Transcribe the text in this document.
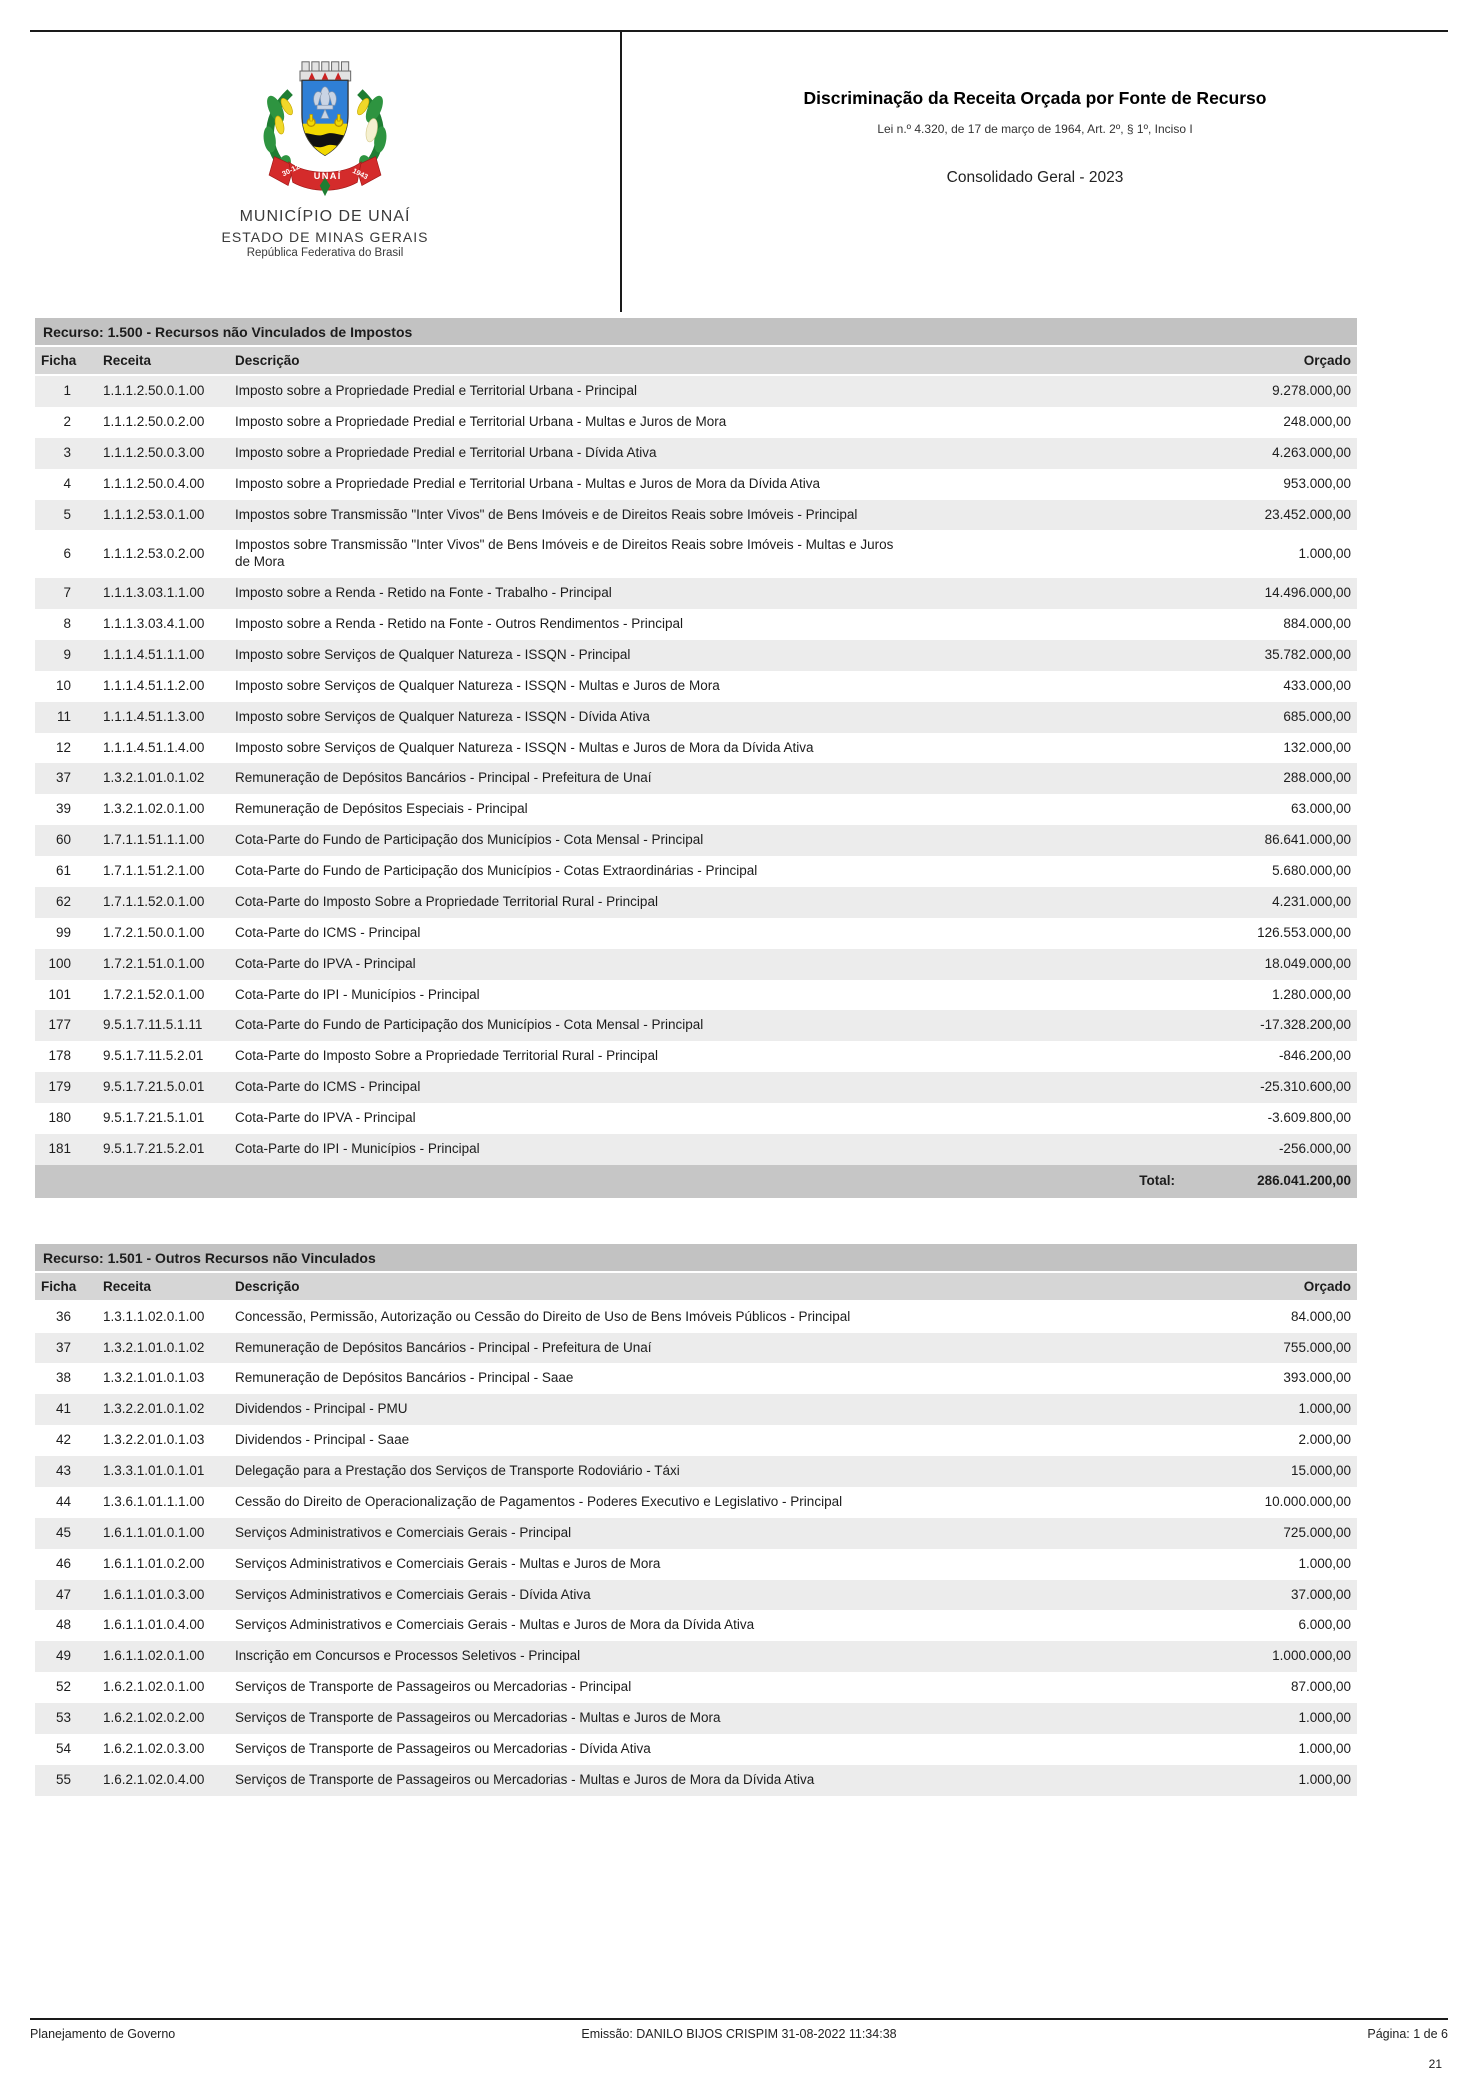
30-12 UNAÍ 1943
MUNICÍPIO DE UNAÍ
ESTADO DE MINAS GERAIS
República Federativa do Brasil
Discriminação da Receita Orçada por Fonte de Recurso
Lei n.º 4.320, de 17 de março de 1964, Art. 2º, § 1º, Inciso I
Consolidado Geral - 2023
Recurso: 1.500 - Recursos não Vinculados de Impostos
Ficha	Receita	Descrição	Orçado
1	1.1.1.2.50.0.1.00	Imposto sobre a Propriedade Predial e Territorial Urbana - Principal	9.278.000,00
2	1.1.1.2.50.0.2.00	Imposto sobre a Propriedade Predial e Territorial Urbana - Multas e Juros de Mora	248.000,00
3	1.1.1.2.50.0.3.00	Imposto sobre a Propriedade Predial e Territorial Urbana - Dívida Ativa	4.263.000,00
4	1.1.1.2.50.0.4.00	Imposto sobre a Propriedade Predial e Territorial Urbana - Multas e Juros de Mora da Dívida Ativa	953.000,00
5	1.1.1.2.53.0.1.00	Impostos sobre Transmissão "Inter Vivos" de Bens Imóveis e de Direitos Reais sobre Imóveis - Principal	23.452.000,00
6	1.1.1.2.53.0.2.00	Impostos sobre Transmissão "Inter Vivos" de Bens Imóveis e de Direitos Reais sobre Imóveis - Multas e Juros de Mora	1.000,00
7	1.1.1.3.03.1.1.00	Imposto sobre a Renda - Retido na Fonte - Trabalho - Principal	14.496.000,00
8	1.1.1.3.03.4.1.00	Imposto sobre a Renda - Retido na Fonte - Outros Rendimentos - Principal	884.000,00
9	1.1.1.4.51.1.1.00	Imposto sobre Serviços de Qualquer Natureza - ISSQN - Principal	35.782.000,00
10	1.1.1.4.51.1.2.00	Imposto sobre Serviços de Qualquer Natureza - ISSQN - Multas e Juros de Mora	433.000,00
11	1.1.1.4.51.1.3.00	Imposto sobre Serviços de Qualquer Natureza - ISSQN - Dívida Ativa	685.000,00
12	1.1.1.4.51.1.4.00	Imposto sobre Serviços de Qualquer Natureza - ISSQN - Multas e Juros de Mora da Dívida Ativa	132.000,00
37	1.3.2.1.01.0.1.02	Remuneração de Depósitos Bancários - Principal - Prefeitura de Unaí	288.000,00
39	1.3.2.1.02.0.1.00	Remuneração de Depósitos Especiais - Principal	63.000,00
60	1.7.1.1.51.1.1.00	Cota-Parte do Fundo de Participação dos Municípios - Cota Mensal - Principal	86.641.000,00
61	1.7.1.1.51.2.1.00	Cota-Parte do Fundo de Participação dos Municípios - Cotas Extraordinárias - Principal	5.680.000,00
62	1.7.1.1.52.0.1.00	Cota-Parte do Imposto Sobre a Propriedade Territorial Rural - Principal	4.231.000,00
99	1.7.2.1.50.0.1.00	Cota-Parte do ICMS - Principal	126.553.000,00
100	1.7.2.1.51.0.1.00	Cota-Parte do IPVA - Principal	18.049.000,00
101	1.7.2.1.52.0.1.00	Cota-Parte do IPI - Municípios - Principal	1.280.000,00
177	9.5.1.7.11.5.1.11	Cota-Parte do Fundo de Participação dos Municípios - Cota Mensal - Principal	-17.328.200,00
178	9.5.1.7.11.5.2.01	Cota-Parte do Imposto Sobre a Propriedade Territorial Rural - Principal	-846.200,00
179	9.5.1.7.21.5.0.01	Cota-Parte do ICMS - Principal	-25.310.600,00
180	9.5.1.7.21.5.1.01	Cota-Parte do IPVA - Principal	-3.609.800,00
181	9.5.1.7.21.5.2.01	Cota-Parte do IPI - Municípios - Principal	-256.000,00
Total:			286.041.200,00
Recurso: 1.501 - Outros Recursos não Vinculados
Ficha	Receita	Descrição	Orçado
36	1.3.1.1.02.0.1.00	Concessão, Permissão, Autorização ou Cessão do Direito de Uso de Bens Imóveis Públicos - Principal	84.000,00
37	1.3.2.1.01.0.1.02	Remuneração de Depósitos Bancários - Principal - Prefeitura de Unaí	755.000,00
38	1.3.2.1.01.0.1.03	Remuneração de Depósitos Bancários - Principal - Saae	393.000,00
41	1.3.2.2.01.0.1.02	Dividendos - Principal - PMU	1.000,00
42	1.3.2.2.01.0.1.03	Dividendos - Principal - Saae	2.000,00
43	1.3.3.1.01.0.1.01	Delegação para a Prestação dos Serviços de Transporte Rodoviário - Táxi	15.000,00
44	1.3.6.1.01.1.1.00	Cessão do Direito de Operacionalização de Pagamentos - Poderes Executivo e Legislativo - Principal	10.000.000,00
45	1.6.1.1.01.0.1.00	Serviços Administrativos e Comerciais Gerais - Principal	725.000,00
46	1.6.1.1.01.0.2.00	Serviços Administrativos e Comerciais Gerais - Multas e Juros de Mora	1.000,00
47	1.6.1.1.01.0.3.00	Serviços Administrativos e Comerciais Gerais - Dívida Ativa	37.000,00
48	1.6.1.1.01.0.4.00	Serviços Administrativos e Comerciais Gerais - Multas e Juros de Mora da Dívida Ativa	6.000,00
49	1.6.1.1.02.0.1.00	Inscrição em Concursos e Processos Seletivos - Principal	1.000.000,00
52	1.6.2.1.02.0.1.00	Serviços de Transporte de Passageiros ou Mercadorias - Principal	87.000,00
53	1.6.2.1.02.0.2.00	Serviços de Transporte de Passageiros ou Mercadorias - Multas e Juros de Mora	1.000,00
54	1.6.2.1.02.0.3.00	Serviços de Transporte de Passageiros ou Mercadorias - Dívida Ativa	1.000,00
55	1.6.2.1.02.0.4.00	Serviços de Transporte de Passageiros ou Mercadorias - Multas e Juros de Mora da Dívida Ativa	1.000,00
Planejamento de Governo	Emissão: DANILO BIJOS CRISPIM 31-08-2022 11:34:38	Página: 1 de 6
21
